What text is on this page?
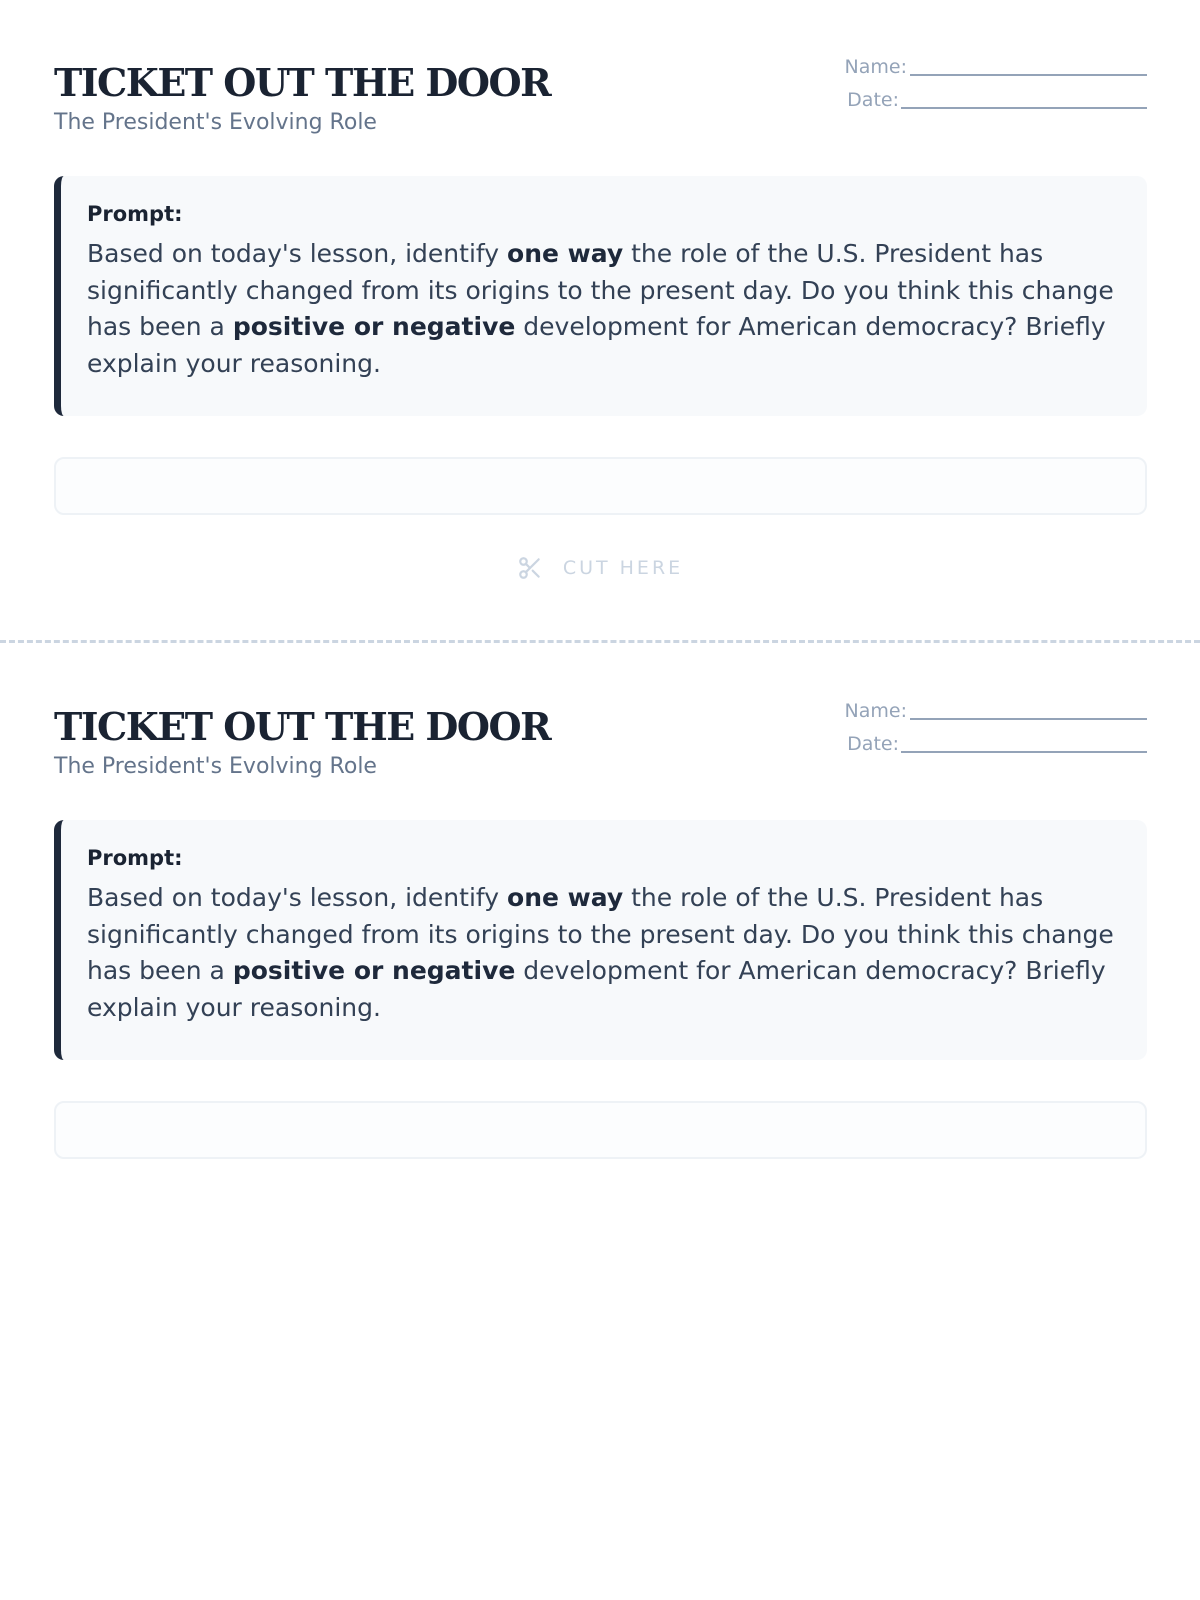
TICKET OUT THE DOOR
The President's Evolving Role
Name:
Date:
Prompt:
Based on today's lesson, identify one way the role of the U.S. President has significantly changed from its origins to the present day. Do you think this change has been a positive or negative development for American democracy? Briefly explain your reasoning.
CUT HERE
TICKET OUT THE DOOR
The President's Evolving Role
Name:
Date:
Prompt:
Based on today's lesson, identify one way the role of the U.S. President has significantly changed from its origins to the present day. Do you think this change has been a positive or negative development for American democracy? Briefly explain your reasoning.
